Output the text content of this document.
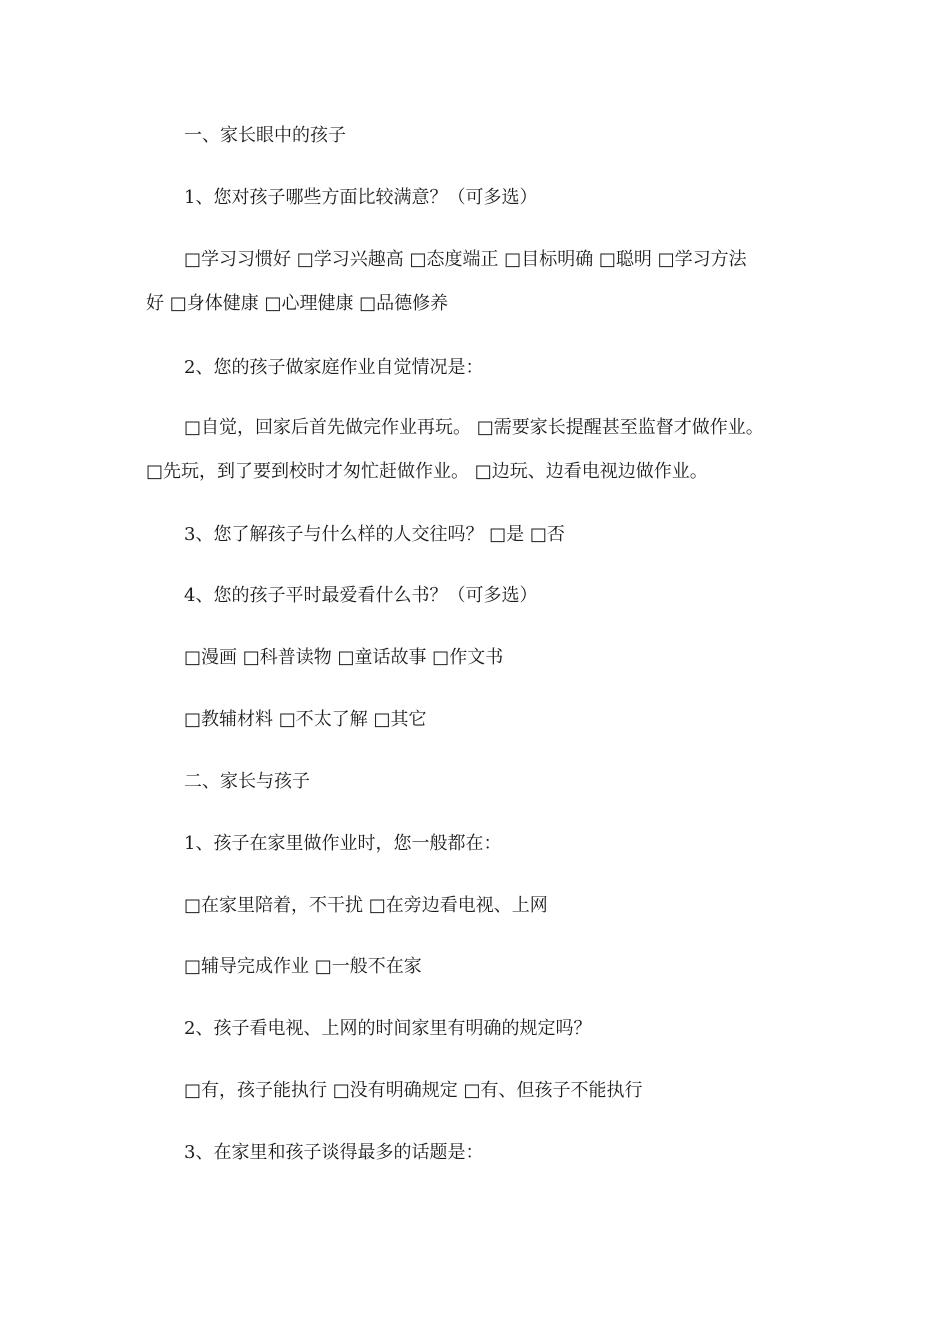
一、家长眼中的孩子
1、您对孩子哪些方面比较满意？（可多选）
□学习习惯好 □学习兴趣高 □态度端正 □目标明确 □聪明 □学习方法
好 □身体健康 □心理健康 □品德修养
2、您的孩子做家庭作业自觉情况是：
□自觉，回家后首先做完作业再玩。 □需要家长提醒甚至监督才做作业。
□先玩，到了要到校时才匆忙赶做作业。 □边玩、边看电视边做作业。
3、您了解孩子与什么样的人交往吗？ □是 □否
4、您的孩子平时最爱看什么书？（可多选）
□漫画 □科普读物 □童话故事 □作文书
□教辅材料 □不太了解 □其它
二、家长与孩子
1、孩子在家里做作业时，您一般都在：
□在家里陪着，不干扰 □在旁边看电视、上网
□辅导完成作业 □一般不在家
2、孩子看电视、上网的时间家里有明确的规定吗？
□有，孩子能执行 □没有明确规定 □有、但孩子不能执行
3、在家里和孩子谈得最多的话题是：
